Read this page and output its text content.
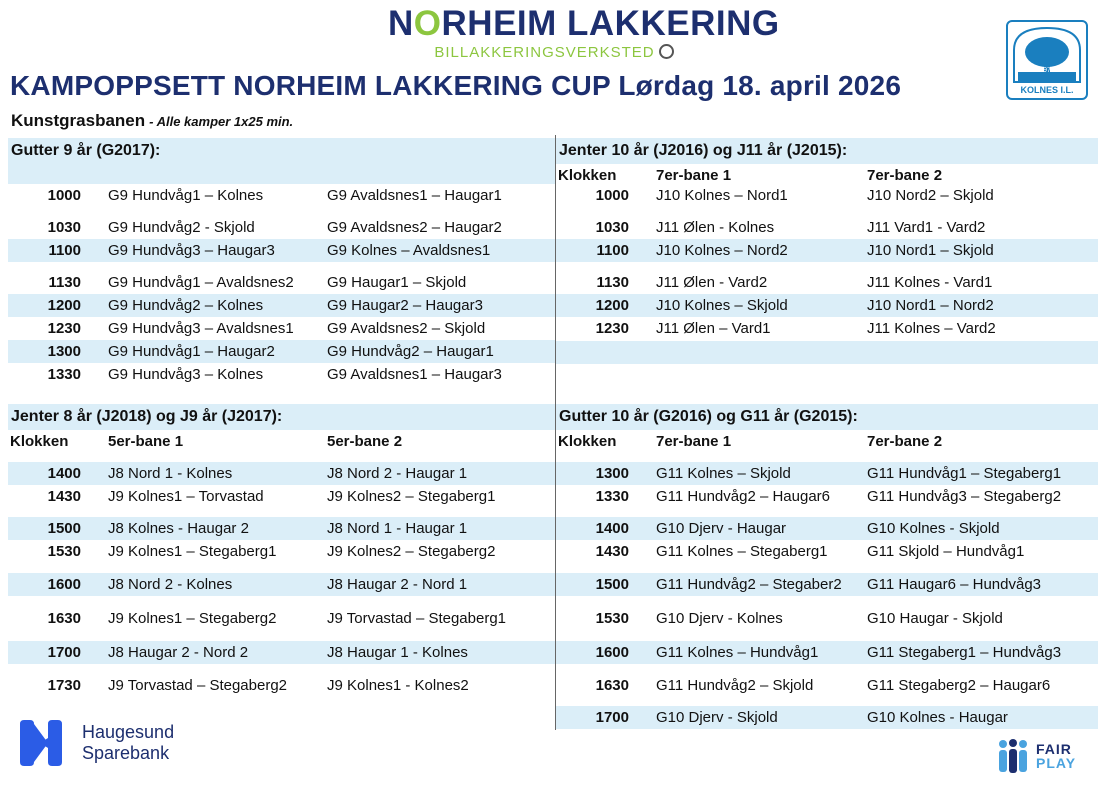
NORHEIM LAKKERING
BILLAKKERINGSVERKSTED
1978
KOLNES I.L.
KAMPOPPSETT NORHEIM LAKKERING CUP Lørdag 18. april 2026
Kunstgrasbanen - Alle kamper 1x25 min.
Gutter 9 år (G2017):
1000	G9 Hundvåg1 – Kolnes	G9 Avaldsnes1 – Haugar1
1030	G9 Hundvåg2 - Skjold	G9 Avaldsnes2 – Haugar2
1100	G9 Hundvåg3 – Haugar3	G9 Kolnes – Avaldsnes1
1130	G9 Hundvåg1 – Avaldsnes2	G9 Haugar1 – Skjold
1200	G9 Hundvåg2 – Kolnes	G9 Haugar2 – Haugar3
1230	G9 Hundvåg3 – Avaldsnes1	G9 Avaldsnes2 – Skjold
1300	G9 Hundvåg1 – Haugar2	G9 Hundvåg2 – Haugar1
1330	G9 Hundvåg3 – Kolnes	G9 Avaldsnes1 – Haugar3
Jenter 10 år (J2016) og J11 år (J2015):
Klokken	7er-bane 1	7er-bane 2
1000	J10 Kolnes – Nord1	J10 Nord2 – Skjold
1030	J11 Ølen - Kolnes	J11 Vard1 - Vard2
1100	J10 Kolnes – Nord2	J10 Nord1 – Skjold
1130	J11 Ølen - Vard2	J11 Kolnes - Vard1
1200	J10 Kolnes – Skjold	J10 Nord1 – Nord2
1230	J11 Ølen – Vard1	J11 Kolnes – Vard2
Jenter 8 år (J2018) og J9 år (J2017):
Klokken	5er-bane 1	5er-bane 2
1400	J8 Nord 1 - Kolnes	J8 Nord 2 - Haugar 1
1430	J9 Kolnes1 – Torvastad	J9 Kolnes2 – Stegaberg1
1500	J8 Kolnes - Haugar 2	J8 Nord 1 - Haugar 1
1530	J9 Kolnes1 – Stegaberg1	J9 Kolnes2 – Stegaberg2
1600	J8 Nord 2 - Kolnes	J8 Haugar 2 - Nord 1
1630	J9 Kolnes1 – Stegaberg2	J9 Torvastad – Stegaberg1
1700	J8 Haugar 2 - Nord 2	J8 Haugar 1 - Kolnes
1730	J9 Torvastad – Stegaberg2	J9 Kolnes1 - Kolnes2
Gutter 10 år (G2016) og G11 år (G2015):
Klokken	7er-bane 1	7er-bane 2
1300	G11 Kolnes – Skjold	G11 Hundvåg1 – Stegaberg1
1330	G11 Hundvåg2 – Haugar6	G11 Hundvåg3 – Stegaberg2
1400	G10 Djerv - Haugar	G10 Kolnes - Skjold
1430	G11 Kolnes – Stegaberg1	G11 Skjold – Hundvåg1
1500	G11 Hundvåg2 – Stegaber2	G11 Haugar6 – Hundvåg3
1530	G10 Djerv - Kolnes	G10 Haugar - Skjold
1600	G11 Kolnes – Hundvåg1	G11 Stegaberg1 – Hundvåg3
1630	G11 Hundvåg2 – Skjold	G11 Stegaberg2 – Haugar6
1700	G10 Djerv - Skjold	G10 Kolnes - Haugar
Haugesund
Sparebank	FAIR
PLAY
